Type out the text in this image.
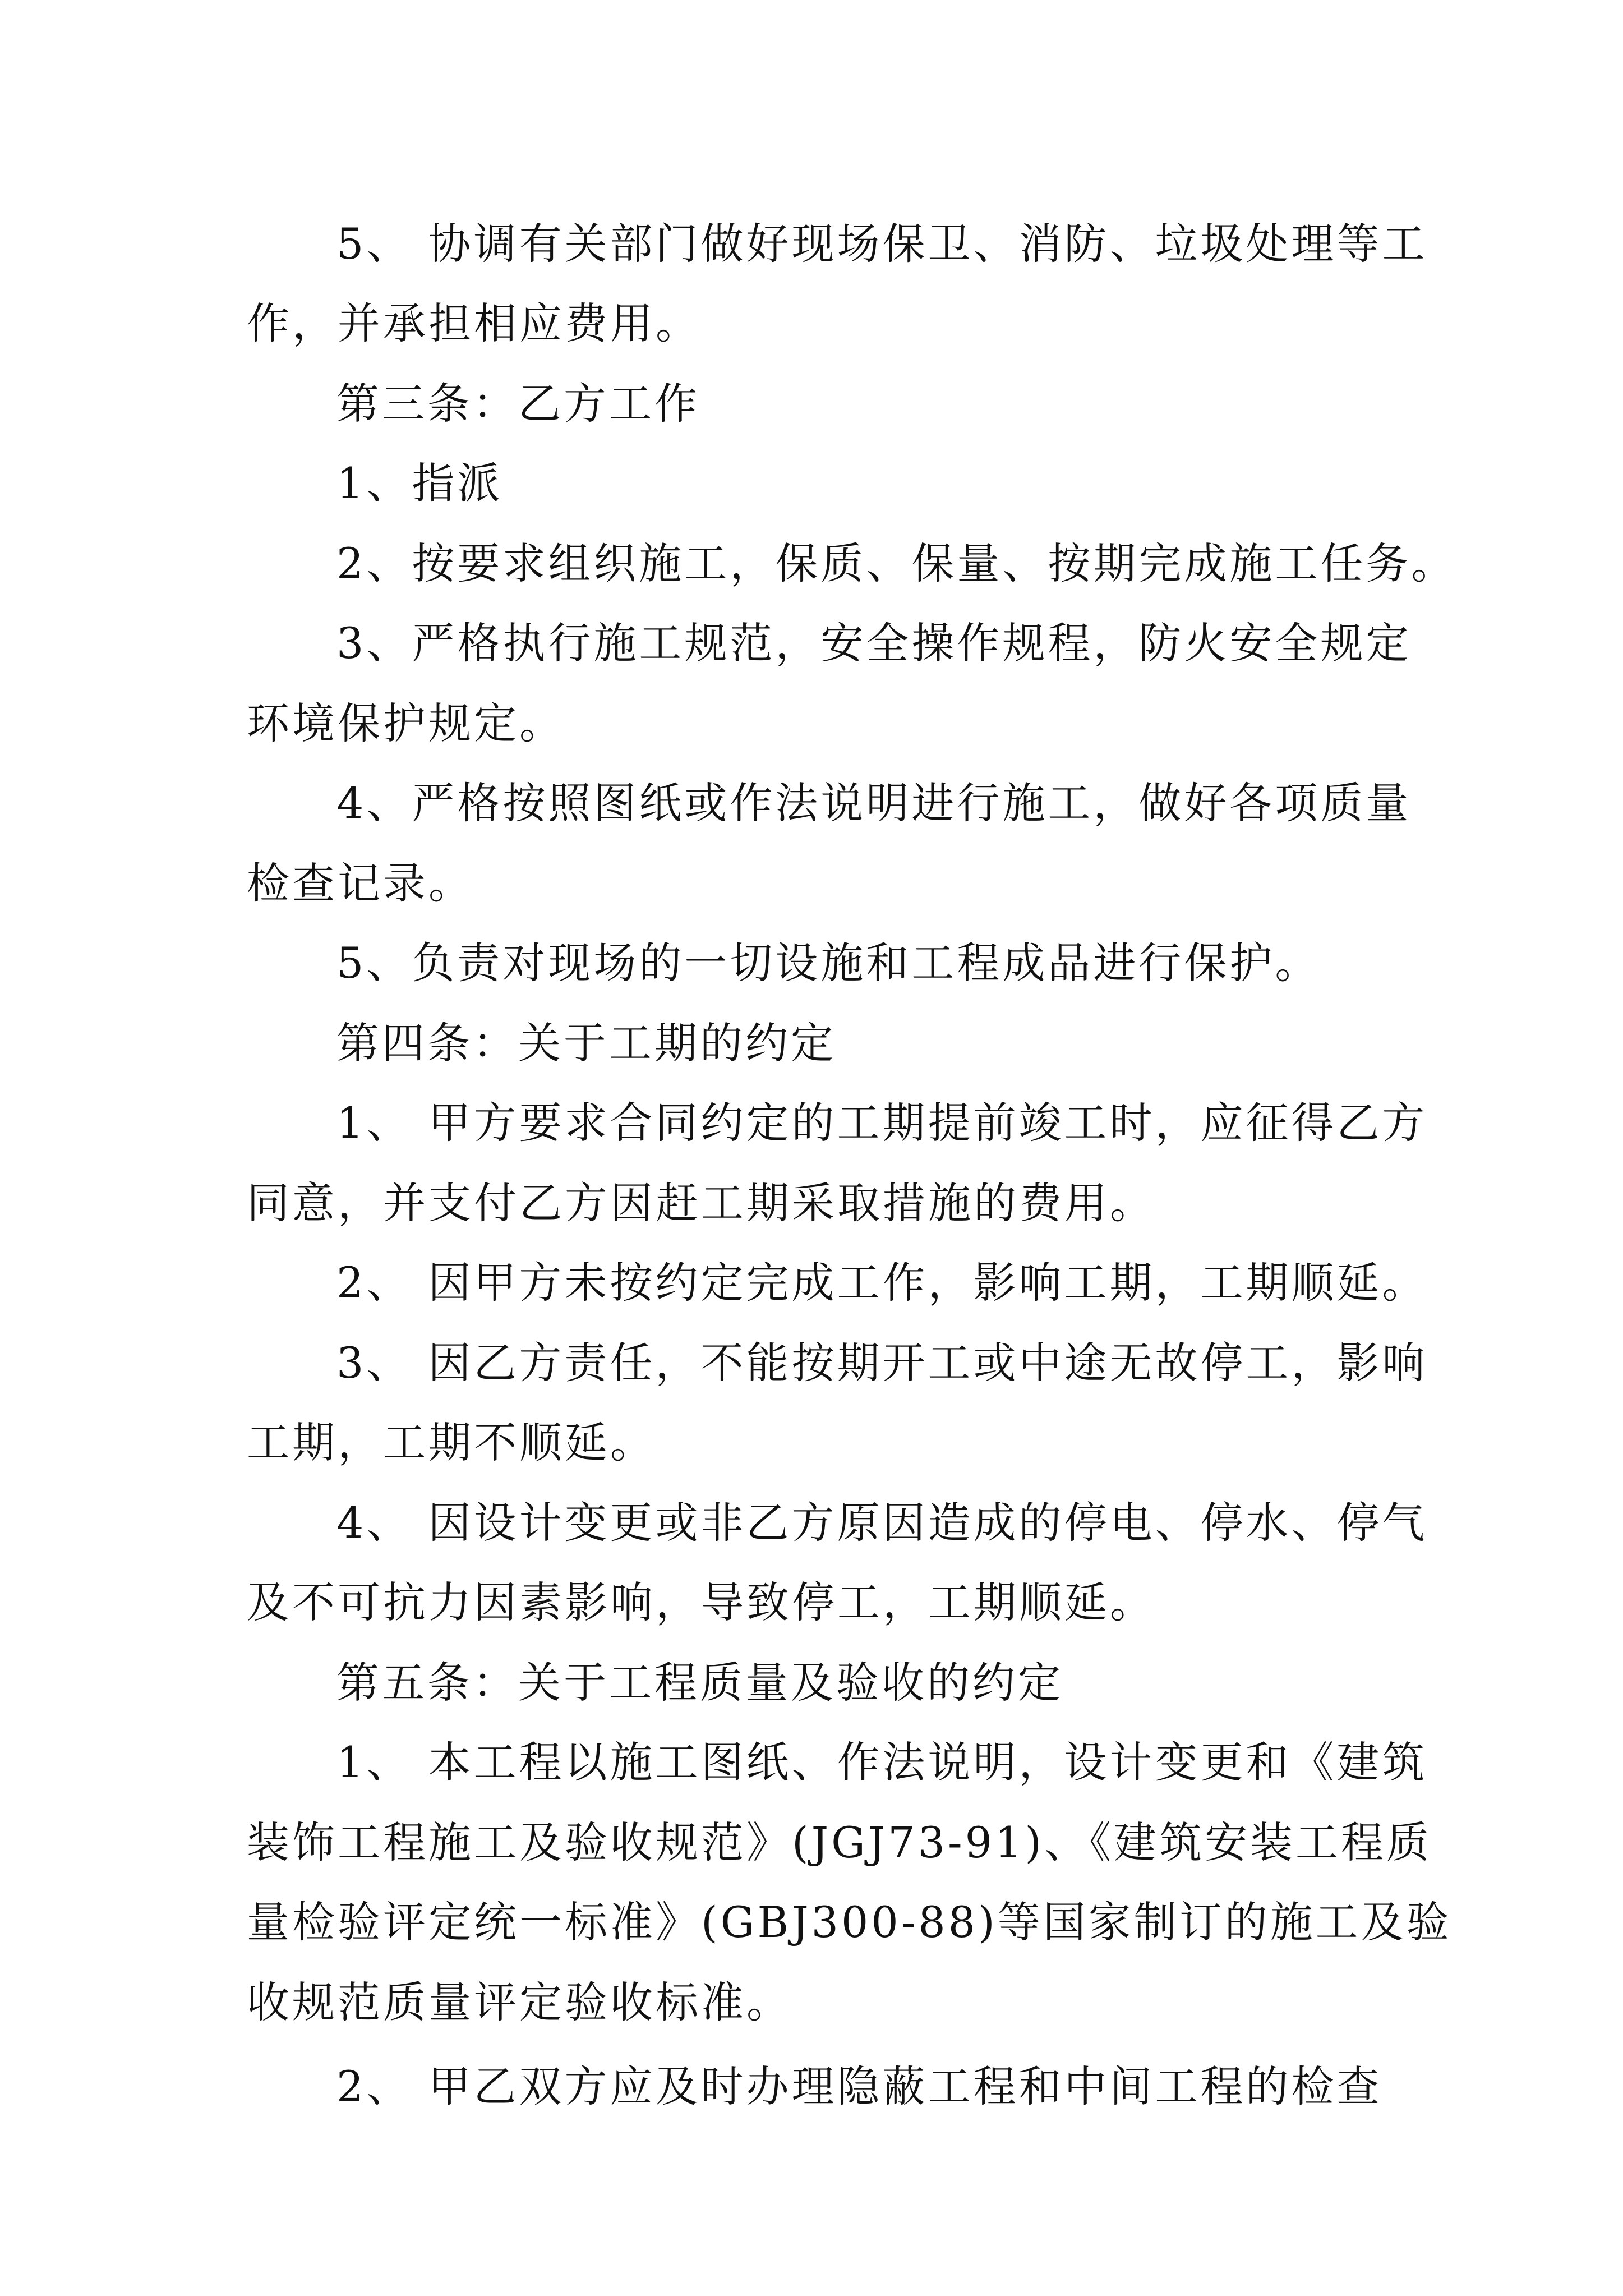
5、 协调有关部门做好现场保卫、消防、垃圾处理等工

作，并承担相应费用。

第三条：乙方工作

1、指派

2、按要求组织施工，保质、保量、按期完成施工任务。

3、严格执行施工规范，安全操作规程，防火安全规定

环境保护规定。

4、严格按照图纸或作法说明进行施工，做好各项质量

检查记录。

5、负责对现场的一切设施和工程成品进行保护。

第四条：关于工期的约定

1、 甲方要求合同约定的工期提前竣工时，应征得乙方

同意，并支付乙方因赶工期采取措施的费用。

2、 因甲方未按约定完成工作，影响工期，工期顺延。

3、 因乙方责任，不能按期开工或中途无故停工，影响

工期，工期不顺延。

4、 因设计变更或非乙方原因造成的停电、停水、停气

及不可抗力因素影响，导致停工，工期顺延。

第五条：关于工程质量及验收的约定

1、 本工程以施工图纸、作法说明，设计变更和《建筑

装饰工程施工及验收规范》(JGJ73-91)、《建筑安装工程质

量检验评定统一标准》(GBJ300-88)等国家制订的施工及验

收规范质量评定验收标准。

2、 甲乙双方应及时办理隐蔽工程和中间工程的检查
